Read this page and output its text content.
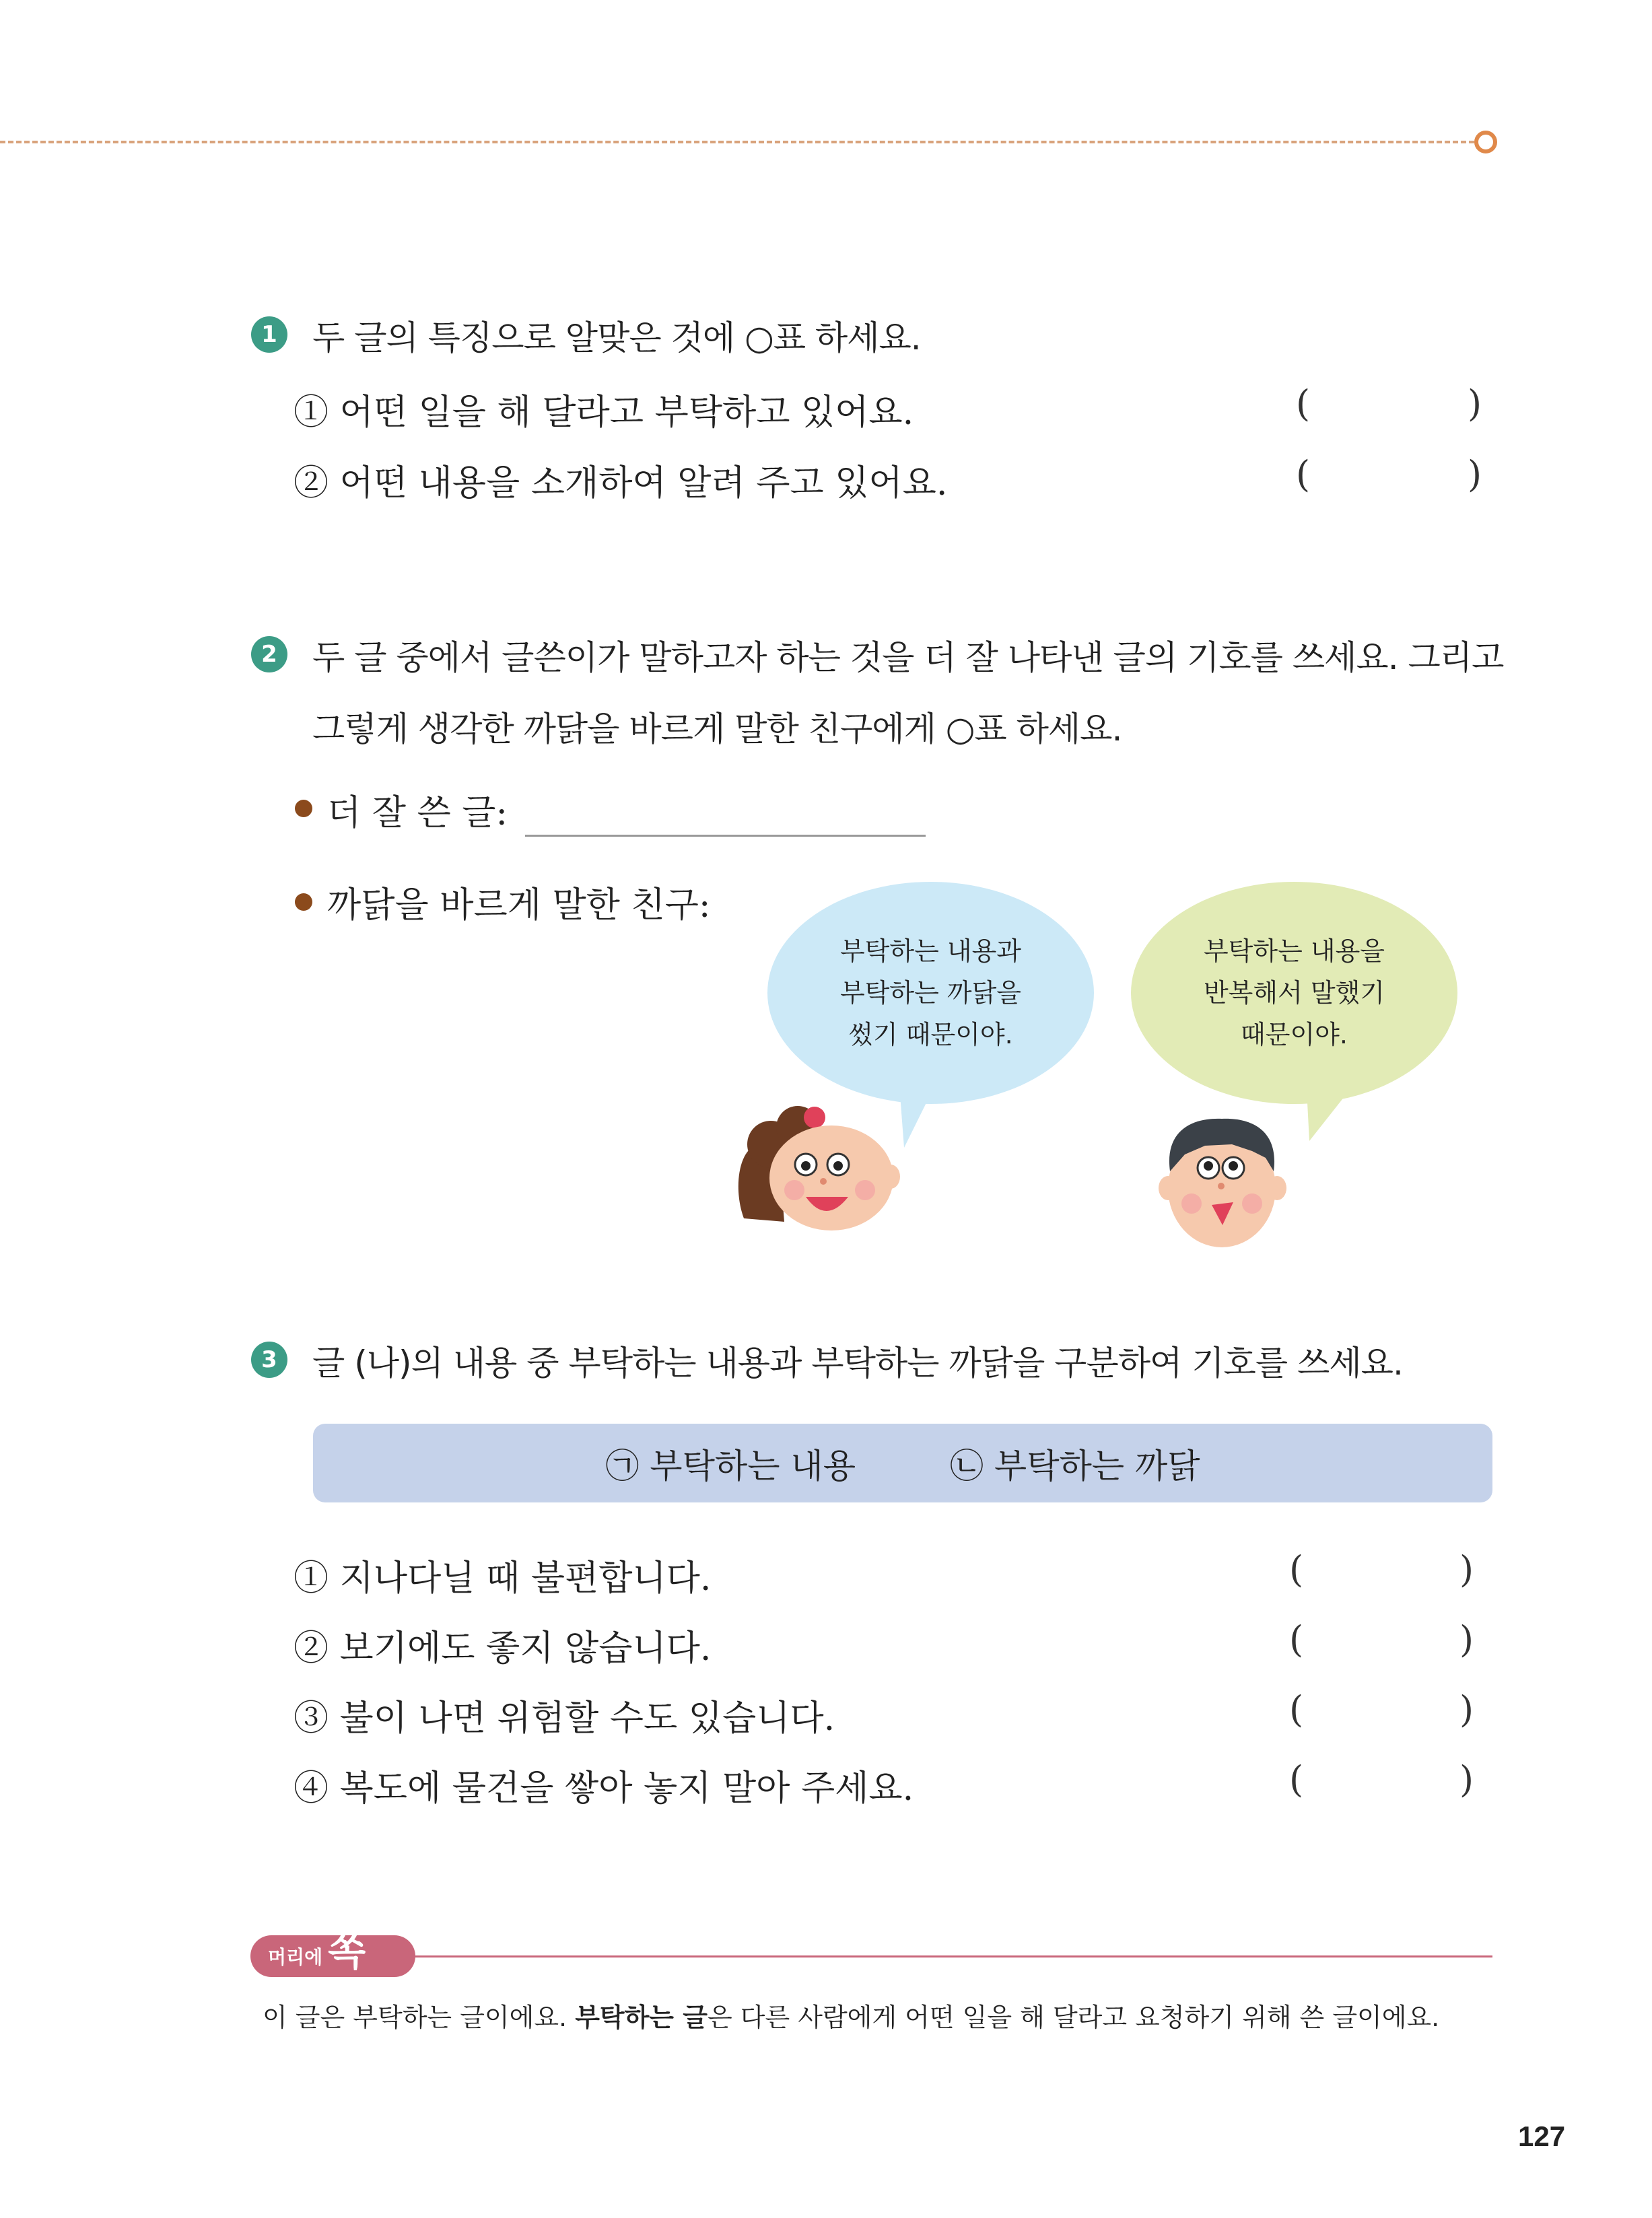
1 두 글의 특징으로 알맞은 것에 ○표 하세요.
① 어떤 일을 해 달라고 부탁하고 있어요.	(	)
② 어떤 내용을 소개하여 알려 주고 있어요.	(	)
2 두 글 중에서 글쓴이가 말하고자 하는 것을 더 잘 나타낸 글의 기호를 쓰세요. 그리고
그렇게 생각한 까닭을 바르게 말한 친구에게 ○표 하세요.
더 잘 쓴 글:
까닭을 바르게 말한 친구:
부탁하는 내용과
부탁하는 까닭을
썼기 때문이야.
부탁하는 내용을
반복해서 말했기
때문이야.
3 글 (나)의 내용 중 부탁하는 내용과 부탁하는 까닭을 구분하여 기호를 쓰세요.
㉠ 부탁하는 내용	㉡ 부탁하는 까닭
① 지나다닐 때 불편합니다.	(	)
② 보기에도 좋지 않습니다.	(	)
③ 불이 나면 위험할 수도 있습니다.	(	)
④ 복도에 물건을 쌓아 놓지 말아 주세요.	(	)
머리에 쏙
이 글은 부탁하는 글이에요. 부탁하는 글은 다른 사람에게 어떤 일을 해 달라고 요청하기 위해 쓴 글이에요.
127
